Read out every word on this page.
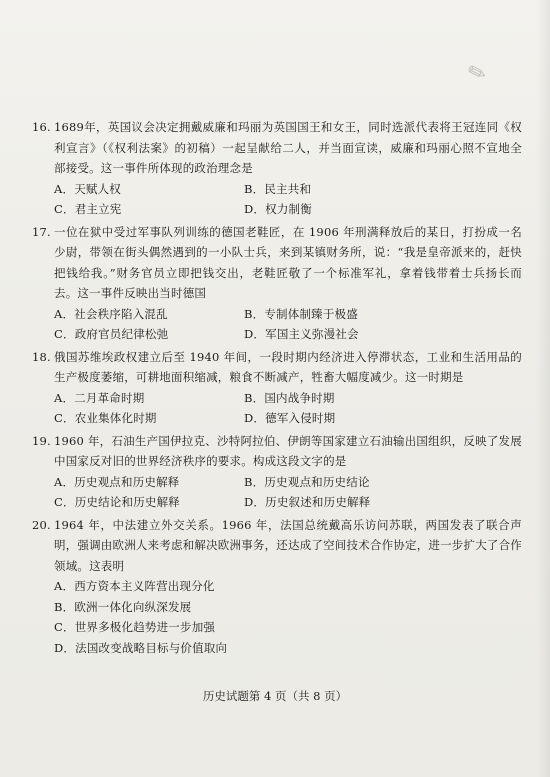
✎
16. 1689年，英国议会决定拥戴威廉和玛丽为英国国王和女王，同时选派代表将王冠连同《权利宣言》（《权利法案》的初稿）一起呈献给二人，并当面宣读，威廉和玛丽心照不宣地全部接受。这一事件所体现的政治理念是
A．天赋人权	B．民主共和
C．君主立宪	D．权力制衡
17. 一位在狱中受过军事队列训练的德国老鞋匠，在 1906 年刑满释放后的某日，打扮成一名少尉，带领在街头偶然遇到的一小队士兵，来到某镇财务所，说：“我是皇帝派来的，赶快把钱给我。”财务官员立即把钱交出，老鞋匠敬了一个标准军礼，拿着钱带着士兵扬长而去。这一事件反映出当时德国
A．社会秩序陷入混乱	B．专制体制臻于极盛
C．政府官员纪律松弛	D．军国主义弥漫社会
18. 俄国苏维埃政权建立后至 1940 年间，一段时期内经济进入停滞状态，工业和生活用品的生产极度萎缩，可耕地面积缩减，粮食不断减产，牲畜大幅度减少。这一时期是
A．二月革命时期	B．国内战争时期
C．农业集体化时期	D．德军入侵时期
19. 1960 年，石油生产国伊拉克、沙特阿拉伯、伊朗等国家建立石油输出国组织，反映了发展中国家反对旧的世界经济秩序的要求。构成这段文字的是
A．历史观点和历史解释	B．历史观点和历史结论
C．历史结论和历史解释	D．历史叙述和历史解释
20. 1964 年，中法建立外交关系。1966 年，法国总统戴高乐访问苏联，两国发表了联合声明，强调由欧洲人来考虑和解决欧洲事务，还达成了空间技术合作协定，进一步扩大了合作领域。这表明
A．西方资本主义阵营出现分化
B．欧洲一体化向纵深发展
C．世界多极化趋势进一步加强
D．法国改变战略目标与价值取向
历史试题第 4 页（共 8 页）
